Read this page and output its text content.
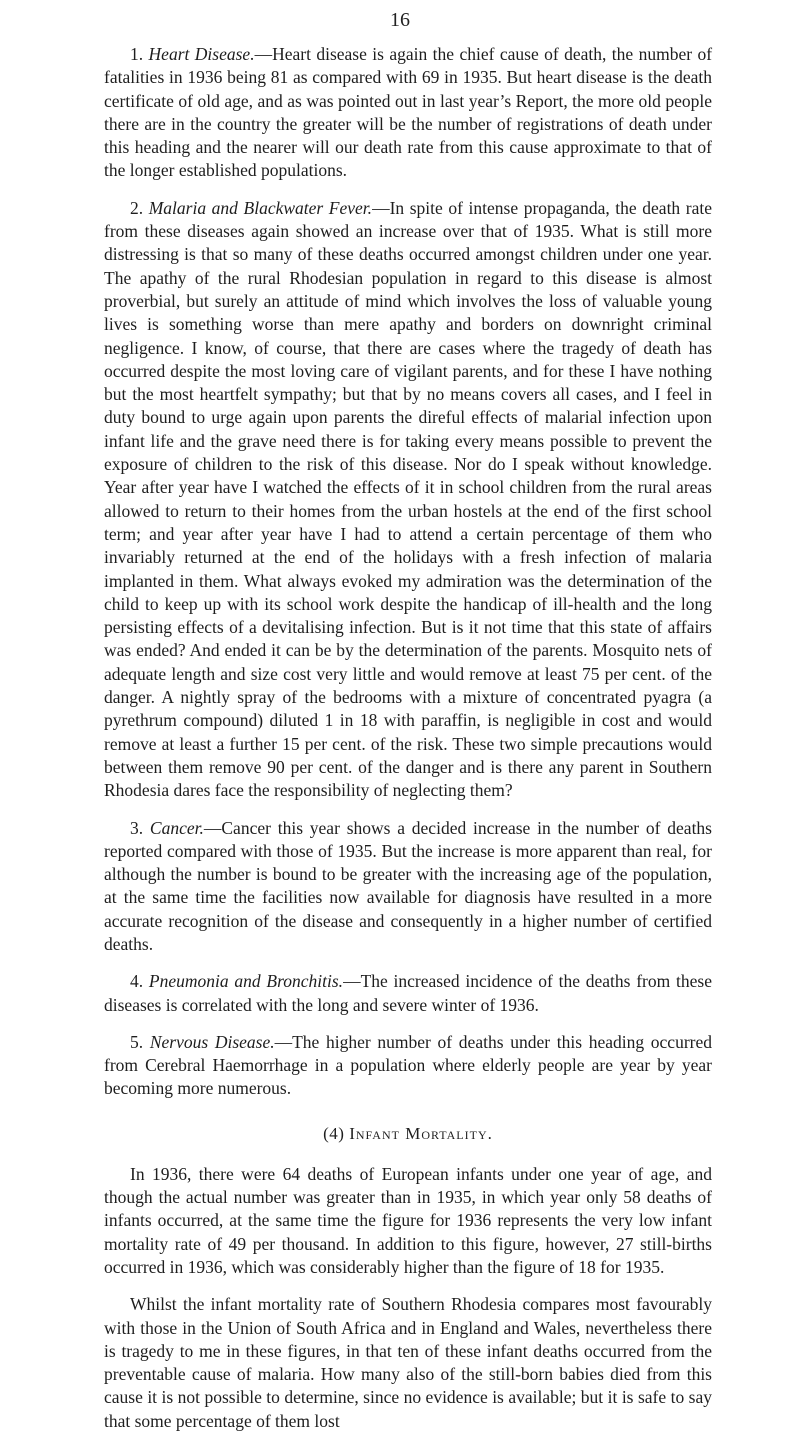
16

1. Heart Disease.—Heart disease is again the chief cause of death, the number of fatalities in 1936 being 81 as compared with 69 in 1935. But heart disease is the death certificate of old age, and as was pointed out in last year’s Report, the more old people there are in the country the greater will be the number of registrations of death under this heading and the nearer will our death rate from this cause approximate to that of the longer established populations.

2. Malaria and Blackwater Fever.—In spite of intense propaganda, the death rate from these diseases again showed an increase over that of 1935. What is still more distressing is that so many of these deaths occurred amongst children under one year. The apathy of the rural Rhodesian population in regard to this disease is almost proverbial, but surely an attitude of mind which involves the loss of valuable young lives is something worse than mere apathy and borders on downright criminal negligence. I know, of course, that there are cases where the tragedy of death has occurred despite the most loving care of vigilant parents, and for these I have nothing but the most heartfelt sympathy; but that by no means covers all cases, and I feel in duty bound to urge again upon parents the direful effects of malarial infection upon infant life and the grave need there is for taking every means possible to prevent the exposure of children to the risk of this disease. Nor do I speak without knowledge. Year after year have I watched the effects of it in school children from the rural areas allowed to return to their homes from the urban hostels at the end of the first school term; and year after year have I had to attend a certain percentage of them who invariably returned at the end of the holidays with a fresh infection of malaria implanted in them. What always evoked my admiration was the determination of the child to keep up with its school work despite the handicap of ill-health and the long persisting effects of a devitalising infection. But is it not time that this state of affairs was ended? And ended it can be by the determination of the parents. Mosquito nets of adequate length and size cost very little and would remove at least 75 per cent. of the danger. A nightly spray of the bedrooms with a mixture of concentrated pyagra (a pyrethrum compound) diluted 1 in 18 with paraffin, is negligible in cost and would remove at least a further 15 per cent. of the risk. These two simple precautions would between them remove 90 per cent. of the danger and is there any parent in Southern Rhodesia dares face the responsibility of neglecting them?

3. Cancer.—Cancer this year shows a decided increase in the number of deaths reported compared with those of 1935. But the increase is more apparent than real, for although the number is bound to be greater with the increasing age of the population, at the same time the facilities now available for diagnosis have resulted in a more accurate recognition of the disease and consequently in a higher number of certified deaths.

4. Pneumonia and Bronchitis.—The increased incidence of the deaths from these diseases is correlated with the long and severe winter of 1936.

5. Nervous Disease.—The higher number of deaths under this heading occurred from Cerebral Haemorrhage in a population where elderly people are year by year becoming more numerous.

(4) Infant Mortality.

In 1936, there were 64 deaths of European infants under one year of age, and though the actual number was greater than in 1935, in which year only 58 deaths of infants occurred, at the same time the figure for 1936 represents the very low infant mortality rate of 49 per thousand. In addition to this figure, however, 27 still-births occurred in 1936, which was considerably higher than the figure of 18 for 1935.

Whilst the infant mortality rate of Southern Rhodesia compares most favourably with those in the Union of South Africa and in England and Wales, nevertheless there is tragedy to me in these figures, in that ten of these infant deaths occurred from the preventable cause of malaria. How many also of the still-born babies died from this cause it is not possible to determine, since no evidence is available; but it is safe to say that some percentage of them lost
